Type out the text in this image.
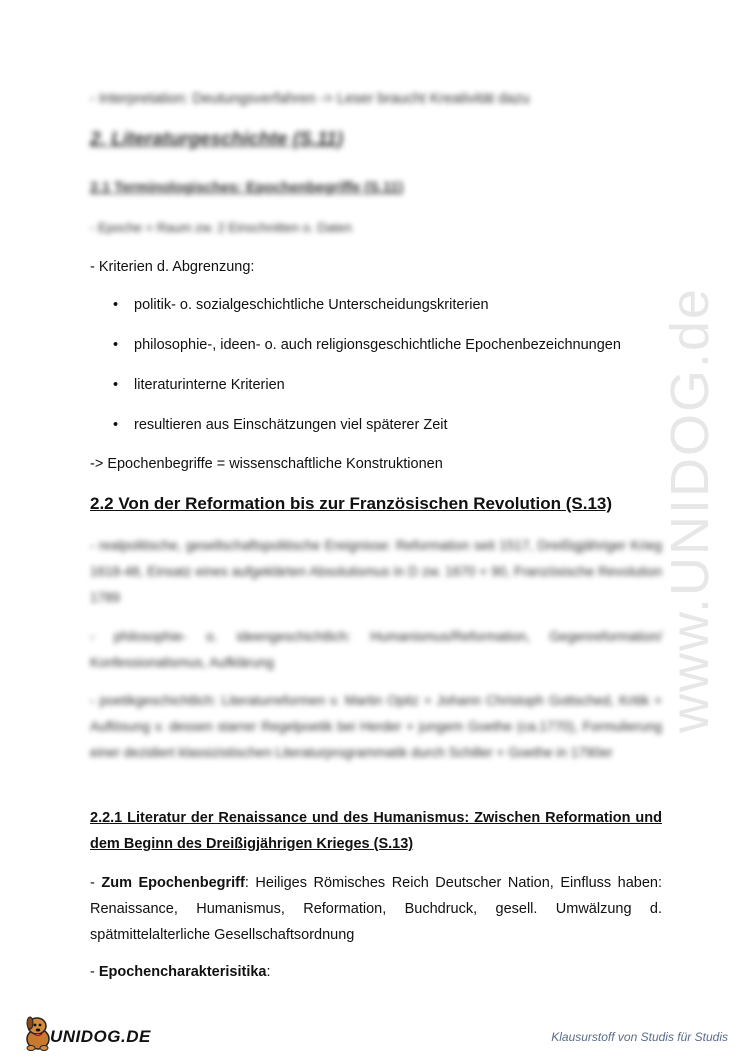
www.UNIDOG.de
- Interpretation: Deutungsverfahren -> Leser braucht Kreativität dazu
2. Literaturgeschichte (S.11)
2.1 Terminologisches: Epochenbegriffe (S.11)
- Epoche = Raum zw. 2 Einschnitten o. Daten
- Kriterien d. Abgrenzung:
• politik- o. sozialgeschichtliche Unterscheidungskriterien
• philosophie-, ideen- o. auch religionsgeschichtliche Epochenbezeichnungen
• literaturinterne Kriterien
• resultieren aus Einschätzungen viel späterer Zeit
-> Epochenbegriffe = wissenschaftliche Konstruktionen
2.2 Von der Reformation bis zur Französischen Revolution (S.13)
- realpolitische, gesellschaftspolitische Ereignisse: Reformation seit 1517, Dreißigjähriger Krieg 1618-48, Einsatz eines aufgeklärten Absolutismus in D zw. 1670 + 90, Französische Revolution 1789
- philosophie- o. ideengeschichtlich: Humanismus/Reformation, Gegenreformation/ Konfessionalismus, Aufklärung
- poetikgeschichtlich: Literaturreformen v. Martin Opitz + Johann Christoph Gottsched, Kritik + Auflösung v. dessen starrer Regelpoetik bei Herder + jungem Goethe (ca.1770), Formulierung einer dezidiert klassizistischen Literaturprogrammatik durch Schiller + Goethe in 1790er
2.2.1 Literatur der Renaissance und des Humanismus: Zwischen Reformation und dem Beginn des Dreißigjährigen Krieges (S.13)
- Zum Epochenbegriff: Heiliges Römisches Reich Deutscher Nation, Einfluss haben: Renaissance, Humanismus, Reformation, Buchdruck, gesell. Umwälzung d. spätmittelalterliche Gesellschaftsordnung
- Epochencharakterisitika:
UNIDOG.DE	Klausurstoff von Studis für Studis
